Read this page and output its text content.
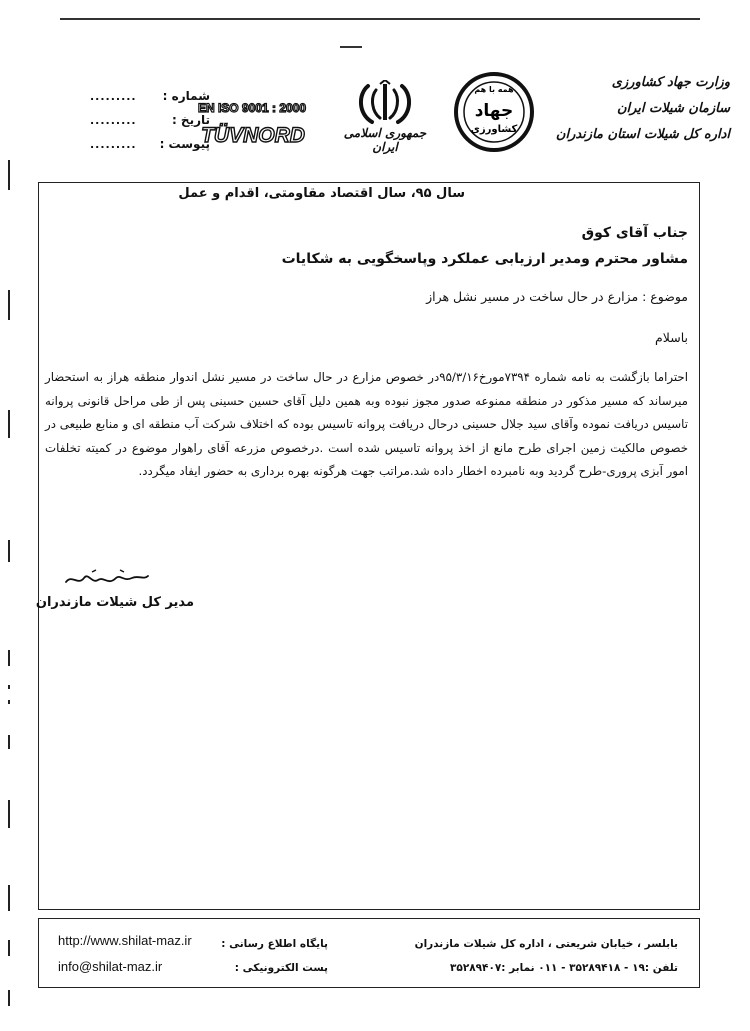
وزارت جهاد کشاورزی
سازمان شیلات ایران
اداره کل شیلات استان مازندران
همه با هم
جهاد
کشاورزی
جمهوری اسلامی ایران
EN ISO 9001 : 2000
TÜVNORD
......... شماره :
.........	تاریخ :
......... پیوست :
سال ۹۵، سال اقتصاد مقاومتی، اقدام و عمل
جناب آقای کوق
مشاور محترم ومدیر ارزیابی عملکرد وپاسخگویی به شکایات
موضوع : مزارع در حال ساخت در مسیر نشل هراز
باسلام

احتراما بازگشت به نامه شماره ۷۳۹۴مورخ۹۵/۳/۱۶در خصوص مزارع در حال ساخت در مسیر نشل اندوار منطقه هراز به استحضار میرساند که مسیر مذکور در منطقه ممنوعه صدور مجوز نبوده وبه همین دلیل آقای حسین حسینی پس از طی مراحل قانونی پروانه تاسیس دریافت نموده وآقای سید جلال حسینی درحال دریافت پروانه تاسیس بوده که اختلاف شرکت آب منطقه ای و منابع طبیعی در خصوص مالکیت زمین اجرای طرح مانع از اخذ پروانه تاسیس شده است .درخصوص مزرعه آقای راهوار موضوع در کمیته تخلفات امور آبزی پروری-طرح گردید وبه نامبرده اخطار داده شد.مراتب جهت هرگونه بهره برداری به حضور ایفاد میگردد.

مدیر کل شیلات مازندران
بابلسر ، خیابان شریعتی ، اداره کل شیلات مازندران
تلفن :۱۹ - ۳۵۲۸۹۴۱۸ - ۰۱۱ نمابر :۳۵۲۸۹۴۰۷
پایگاه اطلاع رسانی :
پست الکترونیکی :
http://www.shilat-maz.ir
info@shilat-maz.ir
